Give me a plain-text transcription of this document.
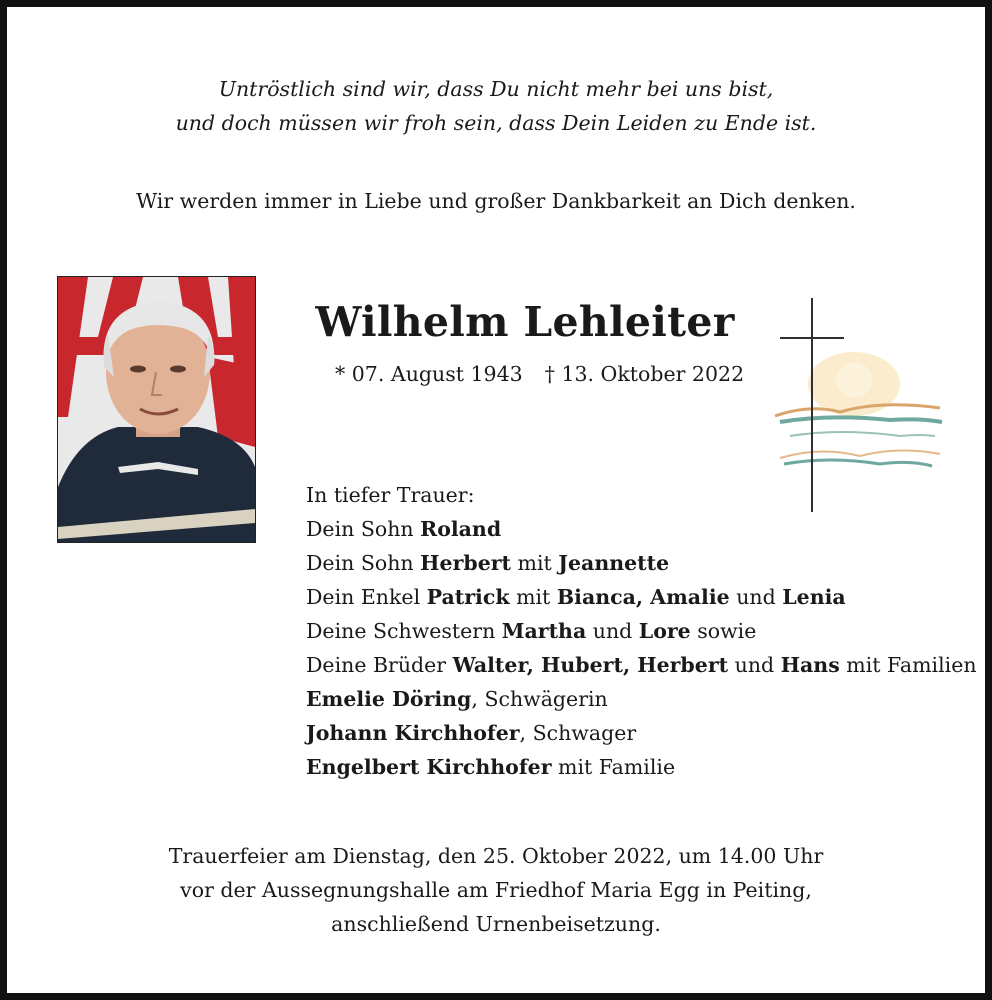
Untröstlich sind wir, dass Du nicht mehr bei uns bist,
und doch müssen wir froh sein, dass Dein Leiden zu Ende ist.
Wir werden immer in Liebe und großer Dankbarkeit an Dich denken.
Wilhelm Lehleiter
* 07. August 1943 † 13. Oktober 2022
In tiefer Trauer:
Dein Sohn Roland
Dein Sohn Herbert mit Jeannette
Dein Enkel Patrick mit Bianca, Amalie und Lenia
Deine Schwestern Martha und Lore sowie
Deine Brüder Walter, Hubert, Herbert und Hans mit Familien
Emelie Döring, Schwägerin
Johann Kirchhofer, Schwager
Engelbert Kirchhofer mit Familie
Trauerfeier am Dienstag, den 25. Oktober 2022, um 14.00 Uhr
vor der Aussegnungshalle am Friedhof Maria Egg in Peiting,
anschließend Urnenbeisetzung.
